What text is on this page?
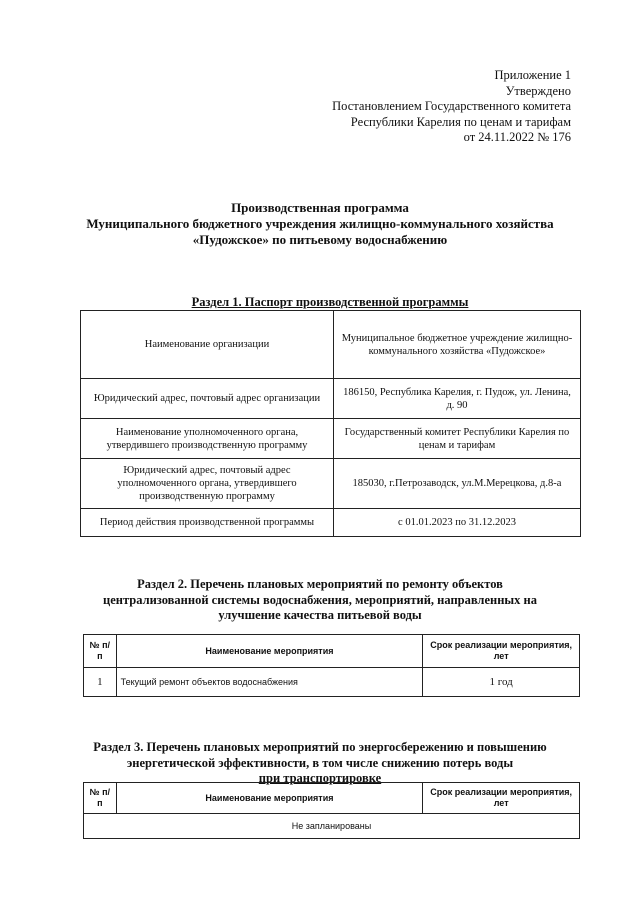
Приложение 1
Утверждено
Постановлением Государственного комитета
Республики Карелия по ценам и тарифам
от 24.11.2022 № 176
Производственная программа
Муниципального бюджетного учреждения жилищно-коммунального хозяйства
«Пудожское» по питьевому водоснабжению
Раздел 1. Паспорт производственной программы
Наименование организации	Муниципальное бюджетное учреждение жилищно-коммунального хозяйства «Пудожское»
Юридический адрес, почтовый адрес организации	186150, Республика Карелия, г. Пудож, ул. Ленина, д. 90
Наименование уполномоченного органа, утвердившего производственную программу	Государственный комитет Республики Карелия по ценам и тарифам
Юридический адрес, почтовый адрес уполномоченного органа, утвердившего производственную программу	185030, г.Петрозаводск, ул.М.Мерецкова, д.8-а
Период действия производственной программы	с 01.01.2023 по 31.12.2023
Раздел 2. Перечень плановых мероприятий по ремонту объектов
централизованной системы водоснабжения, мероприятий, направленных на
улучшение качества питьевой воды
№ п/п	Наименование мероприятия	Срок реализации мероприятия, лет
1	Текущий ремонт объектов водоснабжения	1 год
Раздел 3. Перечень плановых мероприятий по энергосбережению и повышению
энергетической эффективности, в том числе снижению потерь воды
при транспортировке
№ п/п	Наименование мероприятия	Срок реализации мероприятия, лет
Не запланированы
